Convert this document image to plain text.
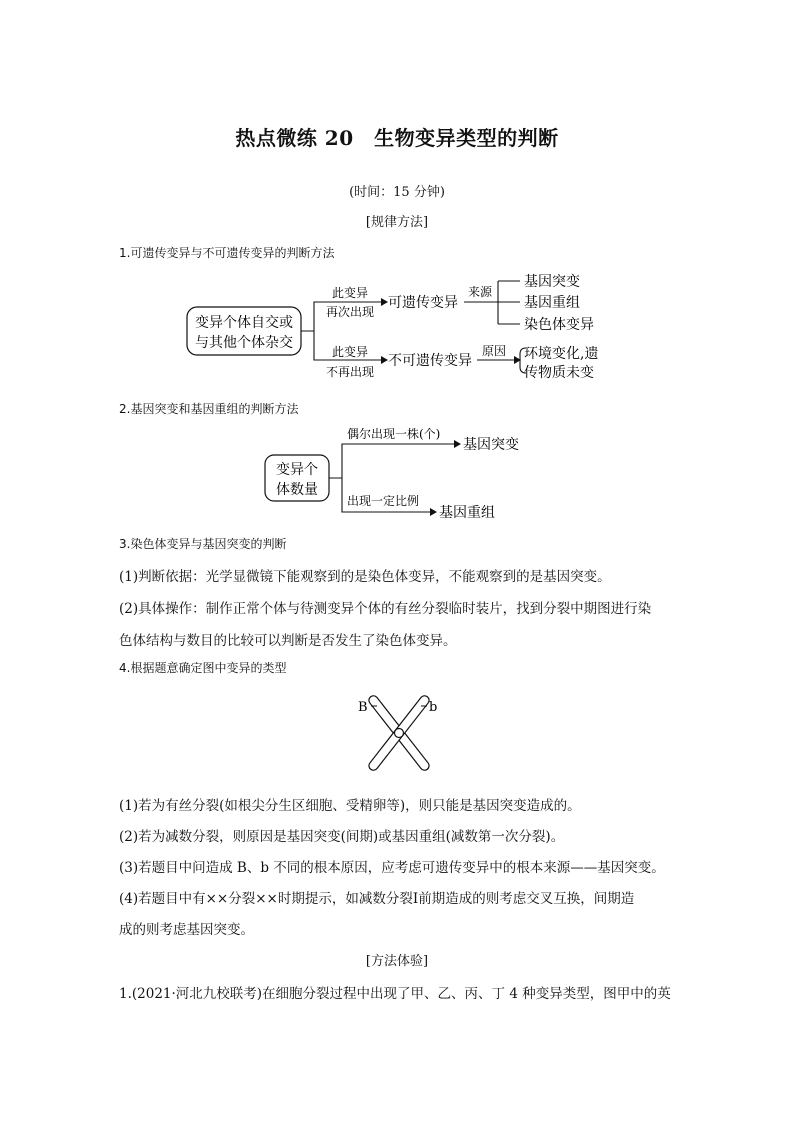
热点微练 20　生物变异类型的判断
(时间：15 分钟)
[规律方法]
1.可遗传变异与不可遗传变异的判断方法
变异个体自交或
与其他个体杂交
此变异
再次出现
此变异
不再出现
可遗传变异
不可遗传变异
来源
基因突变
基因重组
染色体变异
原因 环境变化,遗
传物质未变
2.基因突变和基因重组的判断方法
变异个
体数量
偶尔出现一株(个)
基因突变
出现一定比例
基因重组
3.染色体变异与基因突变的判断
(1)判断依据：光学显微镜下能观察到的是染色体变异，不能观察到的是基因突变。
(2)具体操作：制作正常个体与待测变异个体的有丝分裂临时装片，找到分裂中期图进行染
色体结构与数目的比较可以判断是否发生了染色体变异。
4.根据题意确定图中变异的类型
B	b
(1)若为有丝分裂(如根尖分生区细胞、受精卵等)，则只能是基因突变造成的。
(2)若为减数分裂，则原因是基因突变(间期)或基因重组(减数第一次分裂)。
(3)若题目中问造成 B、b 不同的根本原因，应考虑可遗传变异中的根本来源——基因突变。
(4)若题目中有××分裂××时期提示，如减数分裂Ⅰ前期造成的则考虑交叉互换，间期造
成的则考虑基因突变。
[方法体验]
1.(2021·河北九校联考)在细胞分裂过程中出现了甲、乙、丙、丁 4 种变异类型，图甲中的英
